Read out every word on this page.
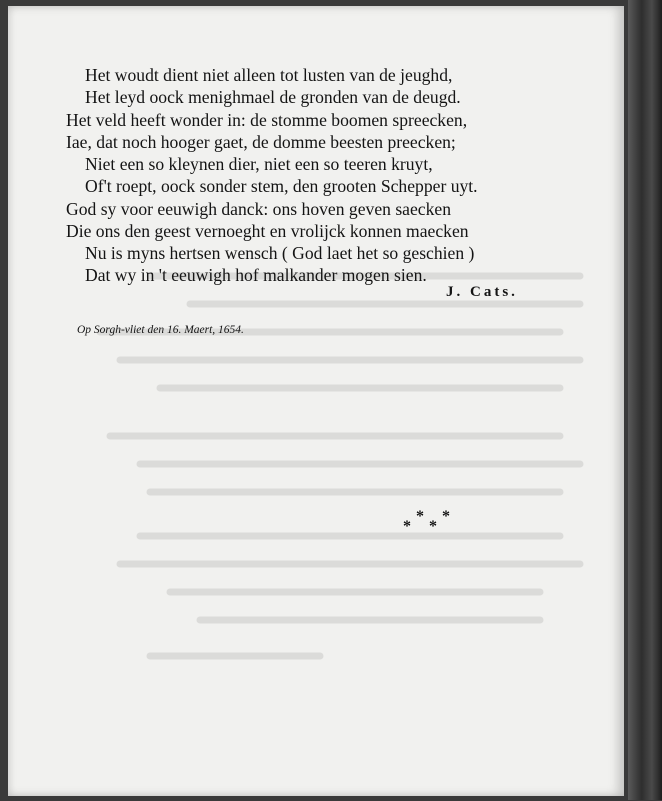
Het woudt dient niet alleen tot lusten van de jeughd,
Het leyd oock menighmael de gronden van de deugd.
Het veld heeft wonder in: de stomme boomen spreecken,
Iae, dat noch hooger gaet, de domme beesten preecken;
Niet een so kleynen dier, niet een so teeren kruyt,
Of't roept, oock sonder stem, den grooten Schepper uyt.
God sy voor eeuwigh danck: ons hoven geven saecken
Die ons den geest vernoeght en vrolijck konnen maecken
Nu is myns hertsen wensch ( God laet het so geschien )
Dat wy in 't eeuwigh hof malkander mogen sien.
J. Cats.
Op Sorgh-vliet den 16. Maert, 1654.
*
*
*
*
